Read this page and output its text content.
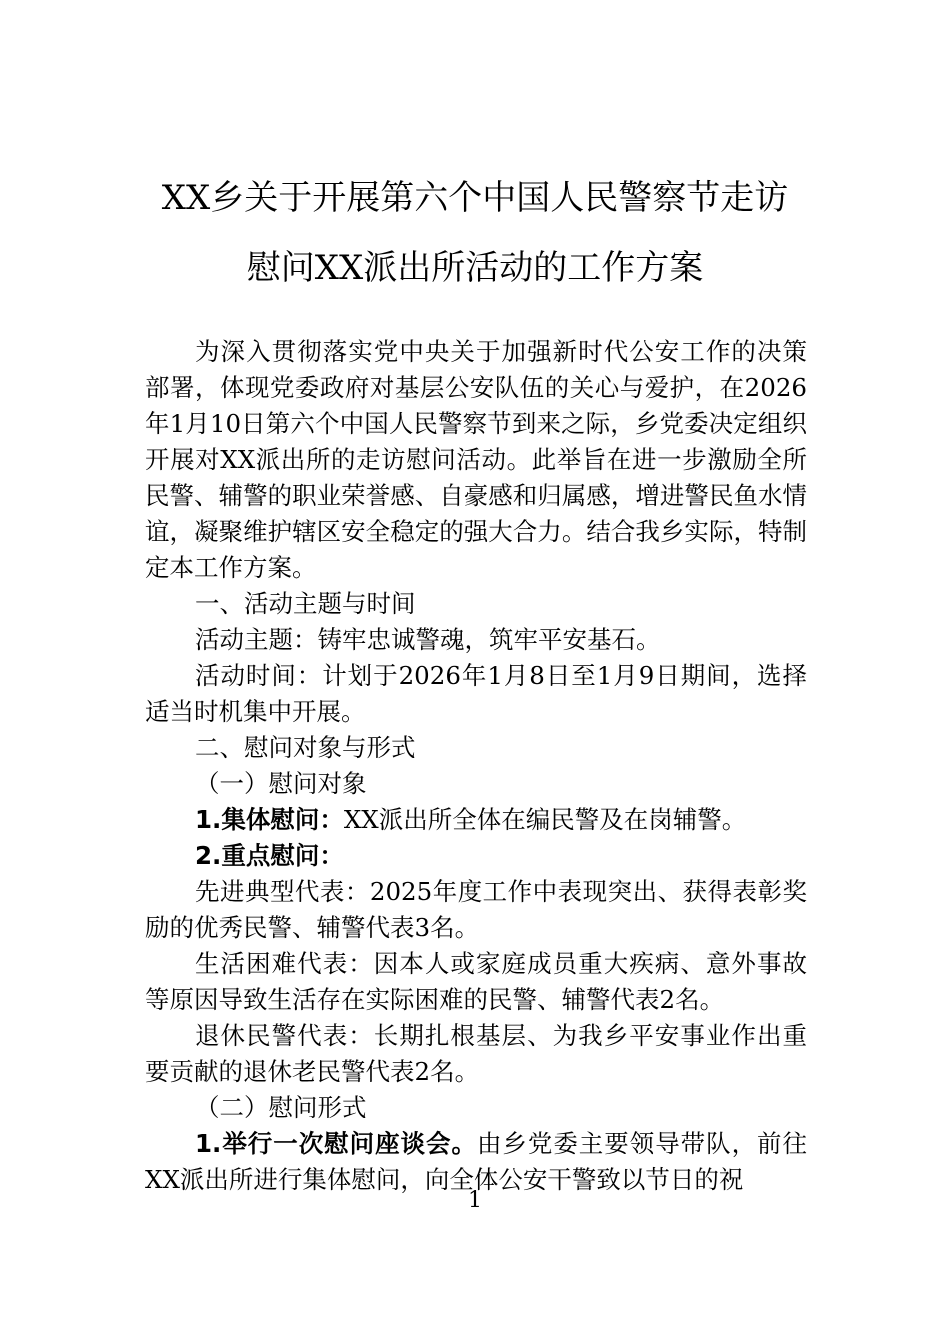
XX乡关于开展第六个中国人民警察节走访
慰问XX派出所活动的工作方案

为深入贯彻落实党中央关于加强新时代公安工作的决策部署，体现党委政府对基层公安队伍的关心与爱护，在2026年1月10日第六个中国人民警察节到来之际，乡党委决定组织开展对XX派出所的走访慰问活动。此举旨在进一步激励全所民警、辅警的职业荣誉感、自豪感和归属感，增进警民鱼水情谊，凝聚维护辖区安全稳定的强大合力。结合我乡实际，特制定本工作方案。

一、活动主题与时间

活动主题：铸牢忠诚警魂，筑牢平安基石。

活动时间：计划于2026年1月8日至1月9日期间，选择适当时机集中开展。

二、慰问对象与形式

（一）慰问对象

1.集体慰问：XX派出所全体在编民警及在岗辅警。

2.重点慰问：

先进典型代表：2025年度工作中表现突出、获得表彰奖励的优秀民警、辅警代表3名。

生活困难代表：因本人或家庭成员重大疾病、意外事故等原因导致生活存在实际困难的民警、辅警代表2名。

退休民警代表：长期扎根基层、为我乡平安事业作出重要贡献的退休老民警代表2名。

（二）慰问形式

1.举行一次慰问座谈会。由乡党委主要领导带队，前往XX派出所进行集体慰问，向全体公安干警致以节日的祝

1
